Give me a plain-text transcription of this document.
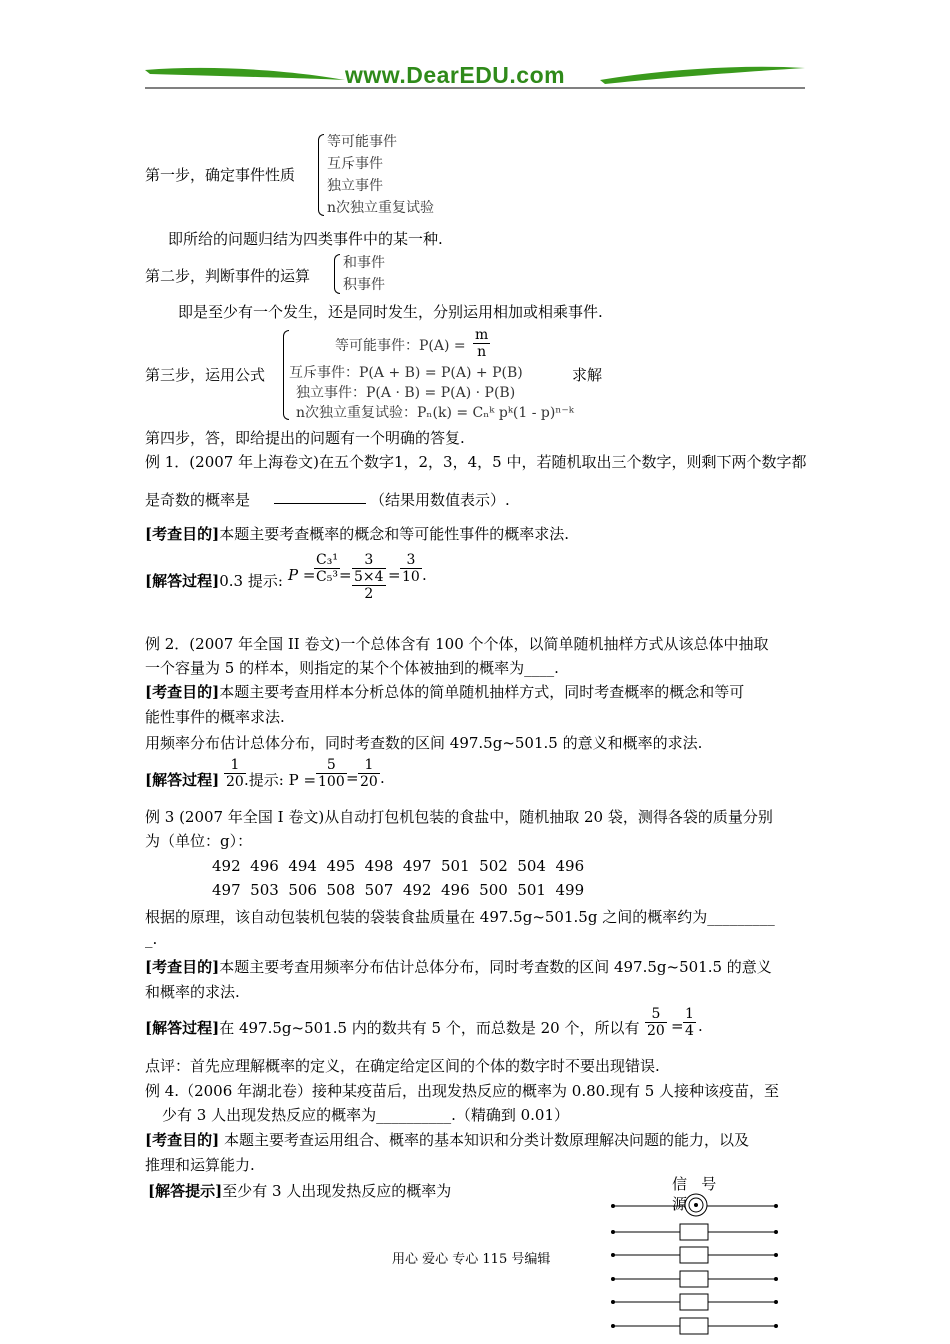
www.DearEDU.com
第一步，确定事件性质
等可能事件
互斥事件
独立事件
n次独立重复试验
即所给的问题归结为四类事件中的某一种.
第二步，判断事件的运算
和事件
积事件
即是至少有一个发生，还是同时发生，分别运用相加或相乘事件.
第三步，运用公式
等可能事件：$P(A) = \frac{m}{n}$
互斥事件：P(A + B) = P(A) + P(B)
独立事件：P(A · B) = P(A) · P(B)
n次独立重复试验：Pₙ(k) = Cₙᵏ pᵏ(1 - p)ⁿ⁻ᵏ
求解
第四步，答，即给提出的问题有一个明确的答复.
例 1．(2007 年上海卷文)在五个数字1，2，3，4，5 中，若随机取出三个数字，则剩下两个数字都
是奇数的概率是	（结果用数值表示）.
[考查目的]本题主要考查概率的概念和等可能性事件的概率求法.
[解答过程]0.3 提示: P =
$\frac{\text{C₃¹}}{\text{C₅³}}$ =
3
5×4
2
= $\frac{3}{10}$ .
例 2．(2007 年全国 II 卷文)一个总体含有 100 个个体，以简单随机抽样方式从该总体中抽取
一个容量为 5 的样本，则指定的某个个体被抽到的概率为____.
[考查目的]本题主要考查用样本分析总体的简单随机抽样方式，同时考查概率的概念和等可
能性事件的概率求法.
用频率分布估计总体分布，同时考查数的区间 497.5g~501.5 的意义和概率的求法.
[解答过程] $\frac{1}{20}$
.提示: $P = \frac{5}{100} = \frac{1}{20}$ .
例 3 (2007 年全国 I 卷文)从自动打包机包装的食盐中，随机抽取 20 袋，测得各袋的质量分别
为（单位：g）：
492  496  494  495  498  497  501  502  504  496
497  503  506  508  507  492  496  500  501  499
根据的原理，该自动包装机包装的袋装食盐质量在 497.5g~501.5g 之间的概率约为_________
_.
[考查目的]本题主要考查用频率分布估计总体分布，同时考查数的区间 497.5g~501.5 的意义
和概率的求法.
[解答过程]在 497.5g~501.5 内的数共有 5 个，而总数是 20 个，所以有 $\frac{5}{20} = \frac{1}{4}$ .
点评：首先应理解概率的定义，在确定给定区间的个体的数字时不要出现错误.
例 4.（2006 年湖北卷）接种某疫苗后，出现发热反应的概率为 0.80.现有 5 人接种该疫苗，至
少有 3 人出现发热反应的概率为__________.（精确到 0.01）
[考查目的] 本题主要考查运用组合、概率的基本知识和分类计数原理解决问题的能力，以及
推理和运算能力.
[解答提示]至少有 3 人出现发热反应的概率为	信   号
源
用心 爱心 专心 115 号编辑
